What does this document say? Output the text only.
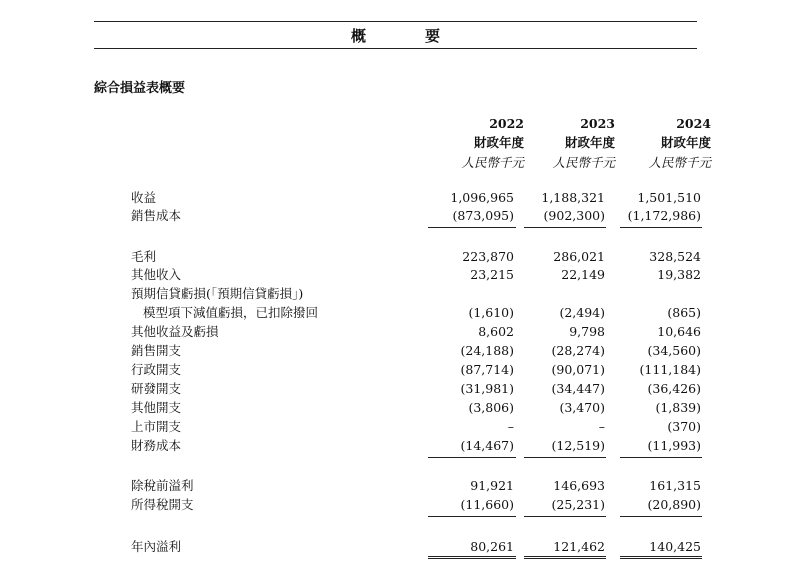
概　要
綜合損益表概要
2022
財政年度
人民幣千元
2023
財政年度
人民幣千元
2024
財政年度
人民幣千元
收益	1,096,965	1,188,321	1,501,510
銷售成本	(873,095)	(902,300)	(1,172,986)
毛利	223,870	286,021	328,524
其他收入	23,215	22,149	19,382
預期信貸虧損(「預期信貸虧損」)
模型項下減值虧損，已扣除撥回	(1,610)	(2,494)	(865)
其他收益及虧損	8,602	9,798	10,646
銷售開支	(24,188)	(28,274)	(34,560)
行政開支	(87,714)	(90,071)	(111,184)
研發開支	(31,981)	(34,447)	(36,426)
其他開支	(3,806)	(3,470)	(1,839)
上市開支	–	–	(370)
財務成本	(14,467)	(12,519)	(11,993)
除稅前溢利	91,921	146,693	161,315
所得稅開支	(11,660)	(25,231)	(20,890)
年內溢利	80,261	121,462	140,425
